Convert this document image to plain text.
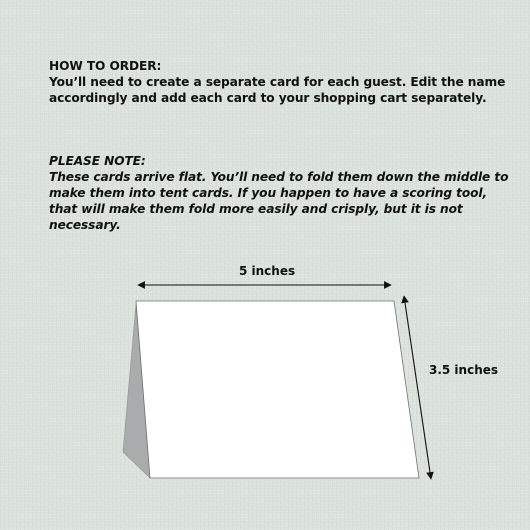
HOW TO ORDER:

You’ll need to create a separate card for each guest. Edit the name accordingly and add each card to your shopping cart separately.

PLEASE NOTE:

These cards arrive flat. You’ll need to fold them down the middle to make them into tent cards. If you happen to have a scoring tool, that will make them fold more easily and crisply, but it is not necessary.

5 inches
3.5 inches
